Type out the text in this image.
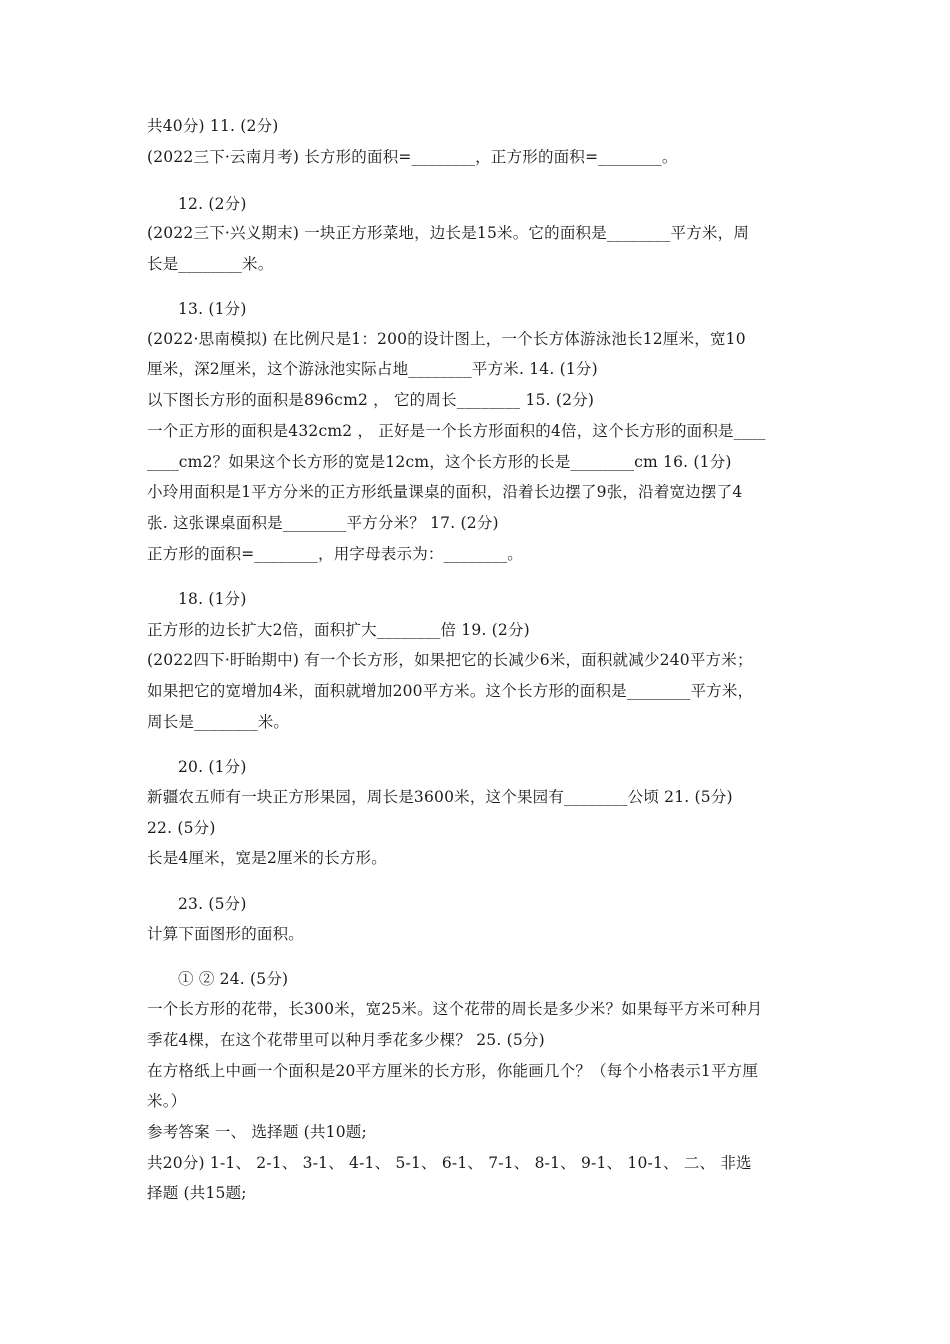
共40分) 11. (2分)

(2022三下·云南月考) 长方形的面积=________，正方形的面积=________。

12. (2分)

(2022三下·兴义期末) 一块正方形菜地，边长是15米。它的面积是________平方米，周

长是________米。

13. (1分)

(2022·思南模拟) 在比例尺是1：200的设计图上，一个长方体游泳池长12厘米，宽10

厘米，深2厘米，这个游泳池实际占地________平方米. 14. (1分)

以下图长方形的面积是896cm2 ， 它的周长________ 15. (2分)

一个正方形的面积是432cm2 ， 正好是一个长方形面积的4倍，这个长方形的面积是____

____cm2？如果这个长方形的宽是12cm，这个长方形的长是________cm 16. (1分)

小玲用面积是1平方分米的正方形纸量课桌的面积，沿着长边摆了9张，沿着宽边摆了4

张. 这张课桌面积是________平方分米？ 17. (2分)

正方形的面积=________，用字母表示为：________。

18. (1分)

正方形的边长扩大2倍，面积扩大________倍 19. (2分)

(2022四下·盱眙期中) 有一个长方形，如果把它的长减少6米，面积就减少240平方米；

如果把它的宽增加4米，面积就增加200平方米。这个长方形的面积是________平方米，

周长是________米。

20. (1分)

新疆农五师有一块正方形果园，周长是3600米，这个果园有________公顷 21. (5分)

22. (5分)

长是4厘米，宽是2厘米的长方形。

23. (5分)

计算下面图形的面积。

① ② 24. (5分)

一个长方形的花带，长300米，宽25米。这个花带的周长是多少米？如果每平方米可种月

季花4棵，在这个花带里可以种月季花多少棵？ 25. (5分)

在方格纸上中画一个面积是20平方厘米的长方形，你能画几个？（每个小格表示1平方厘

米。）

参考答案 一、 选择题 (共10题;

共20分) 1-1、 2-1、 3-1、 4-1、 5-1、 6-1、 7-1、 8-1、 9-1、 10-1、 二、 非选

择题 (共15题;
